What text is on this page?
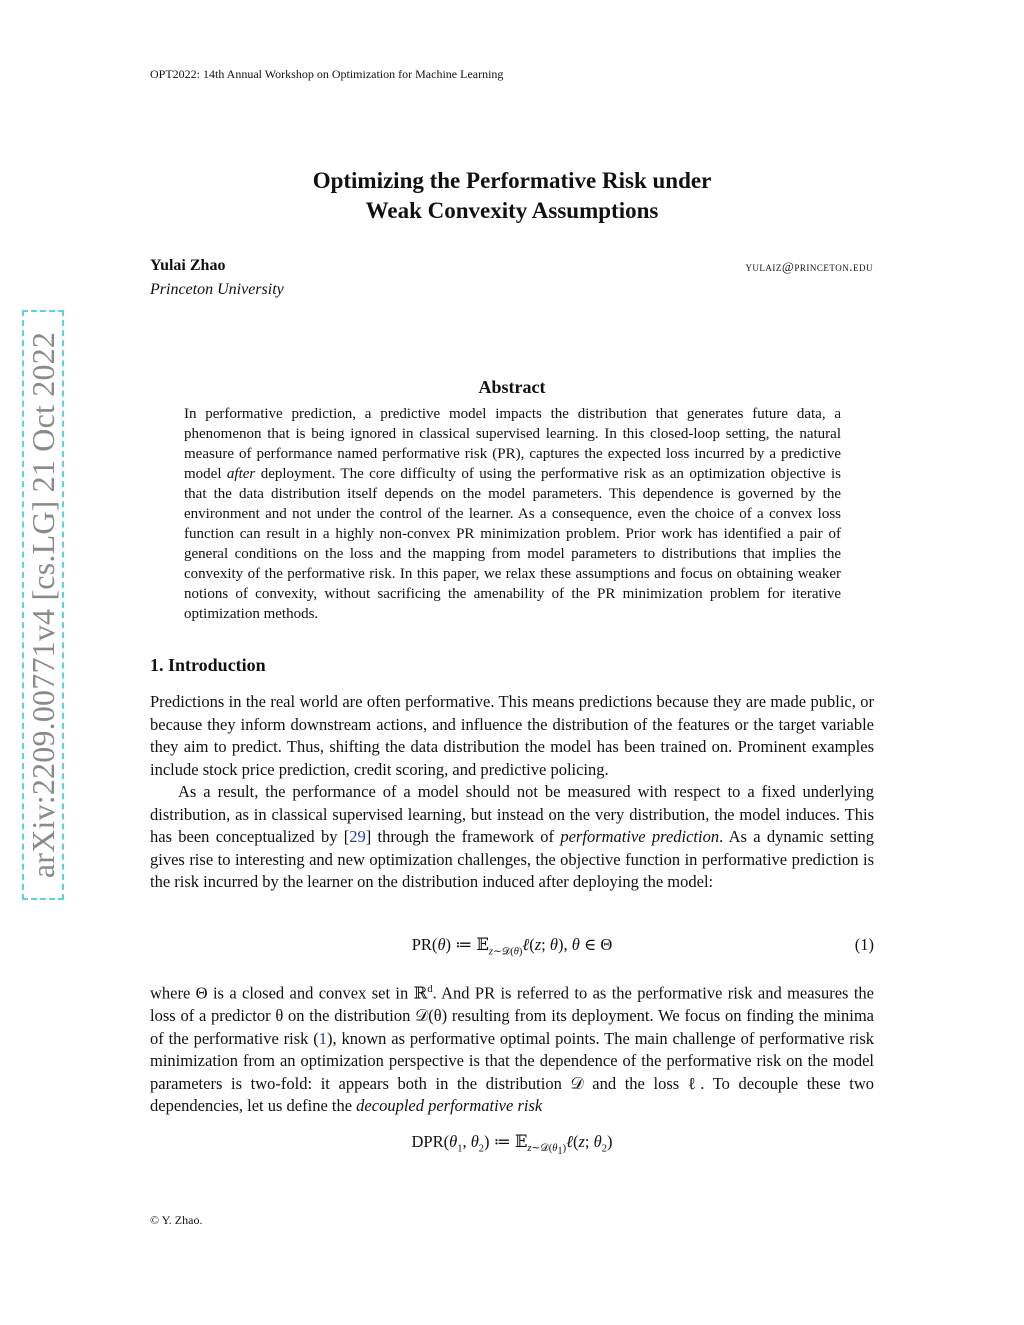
OPT2022: 14th Annual Workshop on Optimization for Machine Learning
Optimizing the Performative Risk under
Weak Convexity Assumptions
Yulai Zhao
Princeton University
yulaiz@princeton.edu
arXiv:2209.00771v4 [cs.LG] 21 Oct 2022	Abstract
In performative prediction, a predictive model impacts the distribution that generates future data, a phenomenon that is being ignored in classical supervised learning. In this closed-loop setting, the natural measure of performance named performative risk (PR), captures the expected loss incurred by a predictive model after deployment. The core difficulty of using the performative risk as an optimization objective is that the data distribution itself depends on the model parameters. This dependence is governed by the environment and not under the control of the learner. As a consequence, even the choice of a convex loss function can result in a highly non-convex PR minimization problem. Prior work has identified a pair of general conditions on the loss and the mapping from model parameters to distributions that implies the convexity of the performative risk. In this paper, we relax these assumptions and focus on obtaining weaker notions of convexity, without sacrificing the amenability of the PR minimization problem for iterative optimization methods.
1. Introduction

Predictions in the real world are often performative. This means predictions because they are made public, or because they inform downstream actions, and influence the distribution of the features or the target variable they aim to predict. Thus, shifting the data distribution the model has been trained on. Prominent examples include stock price prediction, credit scoring, and predictive policing.

As a result, the performance of a model should not be measured with respect to a fixed underlying distribution, as in classical supervised learning, but instead on the very distribution, the model induces. This has been conceptualized by [29] through the framework of performative prediction. As a dynamic setting gives rise to interesting and new optimization challenges, the objective function in performative prediction is the risk incurred by the learner on the distribution induced after deploying the model:

PR(θ) ≔ 𝔼$_{z\sim 𝒟(\theta)}$ℓ(z; θ), θ ∈ Θ	(1)

where Θ is a closed and convex set in ℝ$^d$. And PR is referred to as the performative risk and measures the loss of a predictor θ on the distribution 𝒟(θ) resulting from its deployment. We focus on finding the minima of the performative risk (1), known as performative optimal points. The main challenge of performative risk minimization from an optimization perspective is that the dependence of the performative risk on the model parameters is two-fold: it appears both in the distribution 𝒟 and the loss ℓ. To decouple these two dependencies, let us define the decoupled performative risk

$DPR(\theta_1$, $\theta_2$) ≔ 𝔼$_{z\sim 𝒟(\theta_1)}$ℓ(z; $\theta_2$)
© Y. Zhao.
